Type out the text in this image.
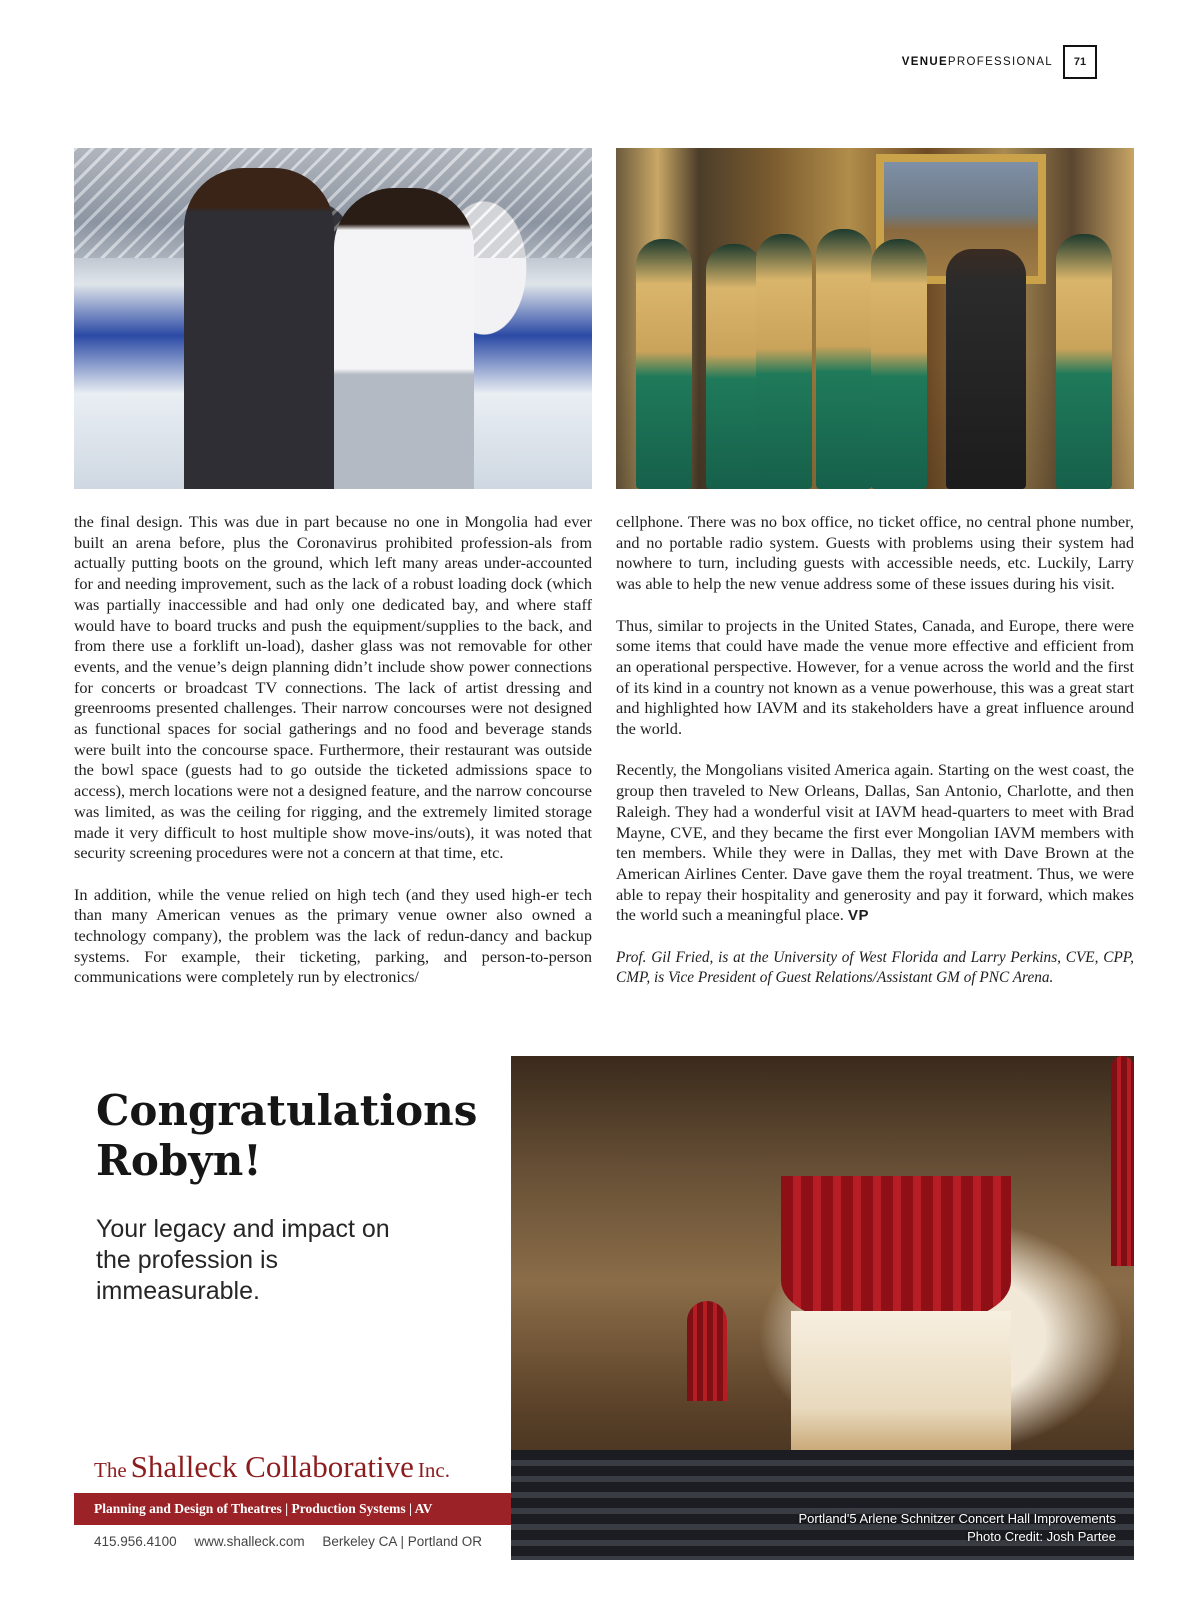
VENUEPROFESSIONAL	71

the final design. This was due in part because no one in Mongolia had ever built an arena before, plus the Coronavirus prohibited profession-als from actually putting boots on the ground, which left many areas under-accounted for and needing improvement, such as the lack of a robust loading dock (which was partially inaccessible and had only one dedicated bay, and where staff would have to board trucks and push the equipment/supplies to the back, and from there use a forklift un-load), dasher glass was not removable for other events, and the venue’s deign planning didn’t include show power connections for concerts or broadcast TV connections. The lack of artist dressing and greenrooms presented challenges. Their narrow concourses were not designed as functional spaces for social gatherings and no food and beverage stands were built into the concourse space. Furthermore, their restaurant was outside the bowl space (guests had to go outside the ticketed admissions space to access), merch locations were not a designed feature, and the narrow concourse was limited, as was the ceiling for rigging, and the extremely limited storage made it very difficult to host multiple show move-ins/outs), it was noted that security screening procedures were not a concern at that time, etc.

In addition, while the venue relied on high tech (and they used high-er tech than many American venues as the primary venue owner also owned a technology company), the problem was the lack of redun-dancy and backup systems. For example, their ticketing, parking, and person-to-person communications were completely run by electronics/

cellphone. There was no box office, no ticket office, no central phone number, and no portable radio system. Guests with problems using their system had nowhere to turn, including guests with accessible needs, etc. Luckily, Larry was able to help the new venue address some of these issues during his visit.

Thus, similar to projects in the United States, Canada, and Europe, there were some items that could have made the venue more effective and efficient from an operational perspective. However, for a venue across the world and the first of its kind in a country not known as a venue powerhouse, this was a great start and highlighted how IAVM and its stakeholders have a great influence around the world.

Recently, the Mongolians visited America again. Starting on the west coast, the group then traveled to New Orleans, Dallas, San Antonio, Charlotte, and then Raleigh. They had a wonderful visit at IAVM head-quarters to meet with Brad Mayne, CVE, and they became the first ever Mongolian IAVM members with ten members. While they were in Dallas, they met with Dave Brown at the American Airlines Center. Dave gave them the royal treatment. Thus, we were able to repay their hospitality and generosity and pay it forward, which makes the world such a meaningful place. VP

Prof. Gil Fried, is at the University of West Florida and Larry Perkins, CVE, CPP, CMP, is Vice President of Guest Relations/Assistant GM of PNC Arena.

Congratulations Robyn!

Your legacy and impact on the profession is immeasurable.

The Shalleck Collaborative Inc.
Planning and Design of Theatres | Production Systems | AV
415.956.4100 www.shalleck.com Berkeley CA | Portland OR
Portland'5 Arlene Schnitzer Concert Hall Improvements
Photo Credit: Josh Partee
